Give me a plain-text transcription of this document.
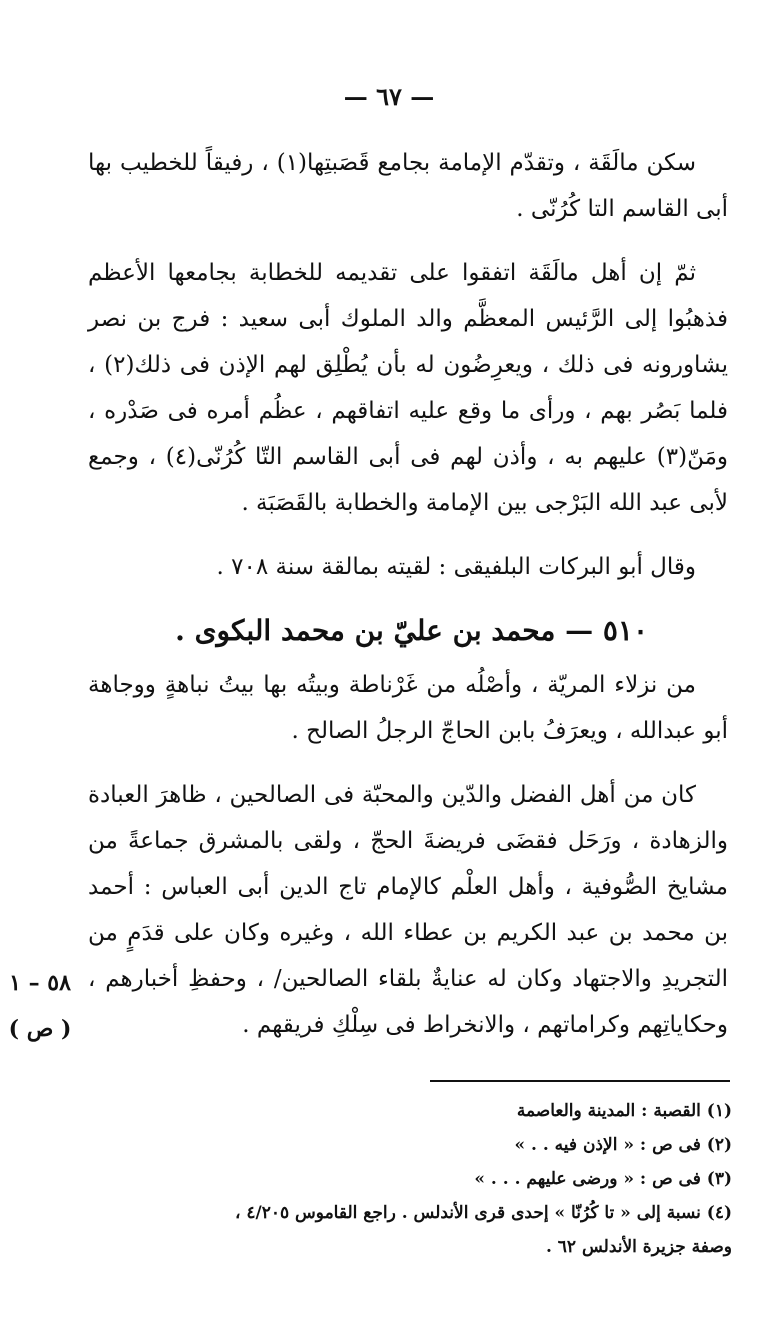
— ٦٧ —

سكن مالَقَة ، وتقدّم الإمامة بجامع قَصَبتِها(١) ، رفيقاً للخطيب بها أبى القاسم التا كُرُنّى .

ثمّ إن أهل مالَقَة اتفقوا على تقديمه للخطابة بجامعها الأعظم فذهبُوا إلى الرَّئيس المعظَّم والد الملوك أبى سعيد : فرج بن نصر يشاورونه فى ذلك ، ويعرِضُون له بأن يُطْلِق لهم الإذن فى ذلك(٢) ، فلما بَصُر بهم ، ورأى ما وقع عليه اتفاقهم ، عظُم أمره فى صَدْره ، ومَنّ(٣) عليهم به ، وأذن لهم فى أبى القاسم التّا كُرُنّى(٤) ، وجمع لأبى عبد الله البَرْجى بين الإمامة والخطابة بالقَصَبَة .

وقال أبو البركات البلفيقى : لقيته بمالقة سنة ٧٠٨ .

٥١٠ — محمد بن عليّ بن محمد البكوى .

من نزلاء المريّة ، وأصْلُه من غَرْناطة وبيتُه بها بيتُ نباهةٍ ووجاهة أبو عبدالله ، ويعرَفُ بابن الحاجّ الرجلُ الصالح .

كان من أهل الفضل والدّين والمحبّة فى الصالحين ، ظاهرَ العبادة والزهادة ، ورَحَل فقضَى فريضةَ الحجّ ، ولقى بالمشرق جماعةً من مشايخ الصُّوفية ، وأهل العلْم كالإمام تاج الدين أبى العباس : أحمد بن محمد بن عبد الكريم بن عطاء الله ، وغيره وكان على قدَمٍ من التجريدِ والاجتهاد وكان له عنايةٌ بلقاء الصالحين/ ، وحفظِ أخبارهم ، وحكاياتِهم وكراماتهم ، والانخراط فى سِلْكِ فريقهم .

٥٨ – ١
( ص )
(١) القصبة : المدينة والعاصمة
(٢) فى ص : « الإذن فيه . . »
(٣) فى ص : « ورضى عليهم . . . »
(٤) نسبة إلى « تا كُرُنّا » إحدى قرى الأندلس . راجع القاموس ٤/٢٠٥ ،
وصفة جزيرة الأندلس ٦٢ .
